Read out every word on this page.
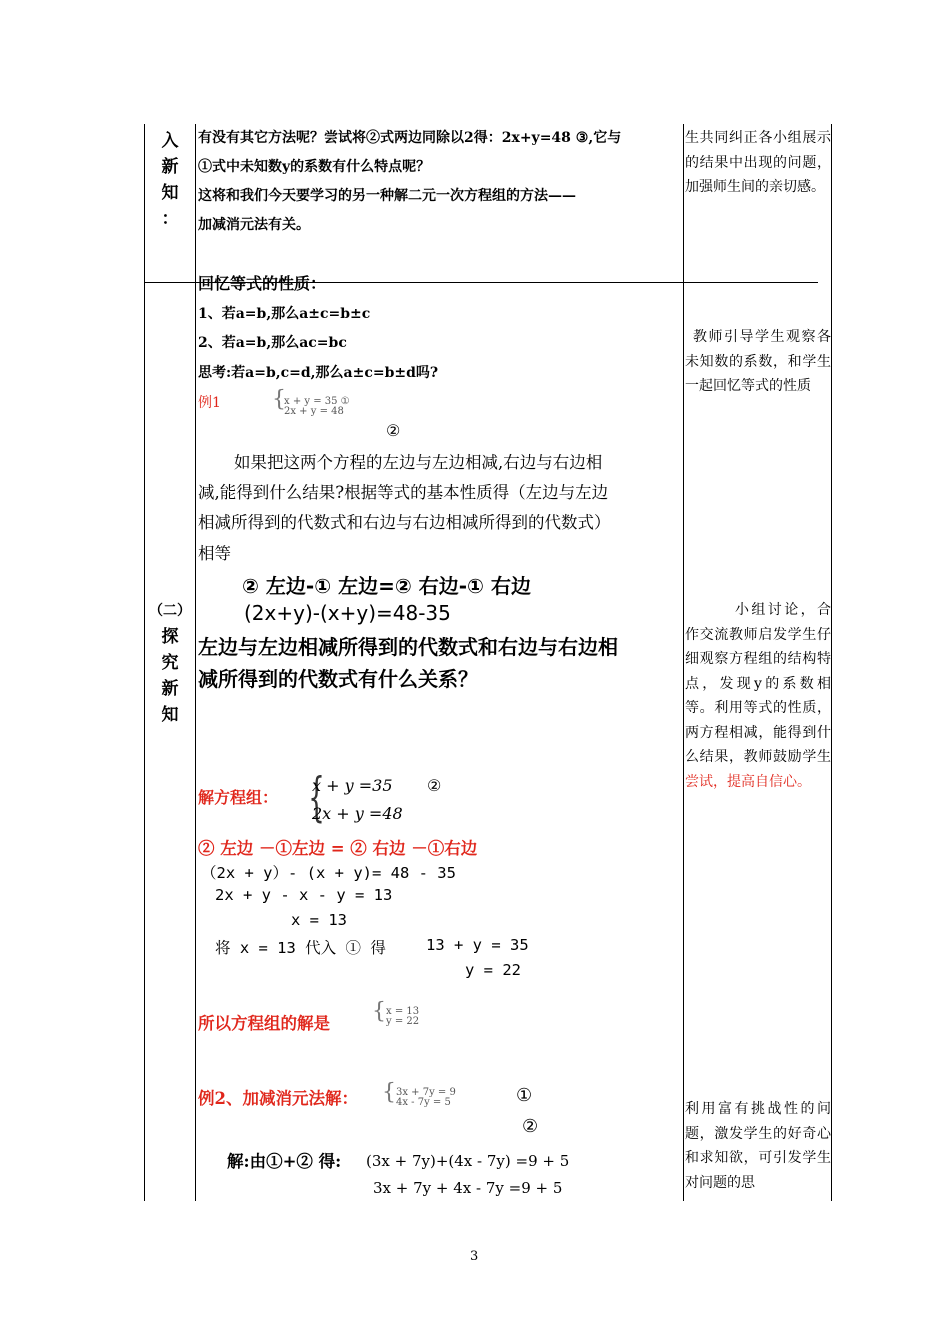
入
新
知
：
（二）
探
究
新
知
有没有其它方法呢？尝试将②式两边同除以2得：2x+y=48 ③,它与
①式中未知数y的系数有什么特点呢？
这将和我们今天要学习的另一种解二元一次方程组的方法——
加减消元法有关。
回忆等式的性质：
1、若a=b,那么a±c=b±c
2、若a=b,那么ac=bc
思考:若a=b,c=d,那么a±c=b±d吗?
例1 {
x + y = 35 ①
2x + y = 48
②
如果把这两个方程的左边与左边相减,右边与右边相
减,能得到什么结果?根据等式的基本性质得（左边与左边
相减所得到的代数式和右边与右边相减所得到的代数式）
相等
② 左边-① 左边=② 右边-① 右边
(2x+y)-(x+y)=48-35
左边与左边相减所得到的代数式和右边与右边相
减所得到的代数式有什么关系？
解方程组： {
x + y =35 ②
2x + y =48
② 左边 －①左边 = ② 右边 －①右边
（2x + y）- (x + y)= 48 - 35
2x + y - x - y = 13
x = 13
将 x = 13 代入 ① 得	13 + y = 35
y = 22
所以方程组的解是 { x = 13
y = 22
例2、加减消元法解： { 3x + 7y = 9
4x - 7y = 5	①
②
解:由①+② 得: (3x + 7y)+(4x - 7y) =9 + 5
3x + 7y + 4x - 7y =9 + 5
生共同纠正各小组展示的结果中出现的问题，加强师生间的亲切感。
教师引导学生观察各未知数的系数，和学生一起回忆等式的性质
小组讨论，合作交流教师启发学生仔细观察方程组的结构特点，发现y的系数相等。利用等式的性质，两方程相减，能得到什么结果，教师鼓励学生尝试，提高自信心。
利用富有挑战性的问题，激发学生的好奇心和求知欲，可引发学生对问题的思
3
